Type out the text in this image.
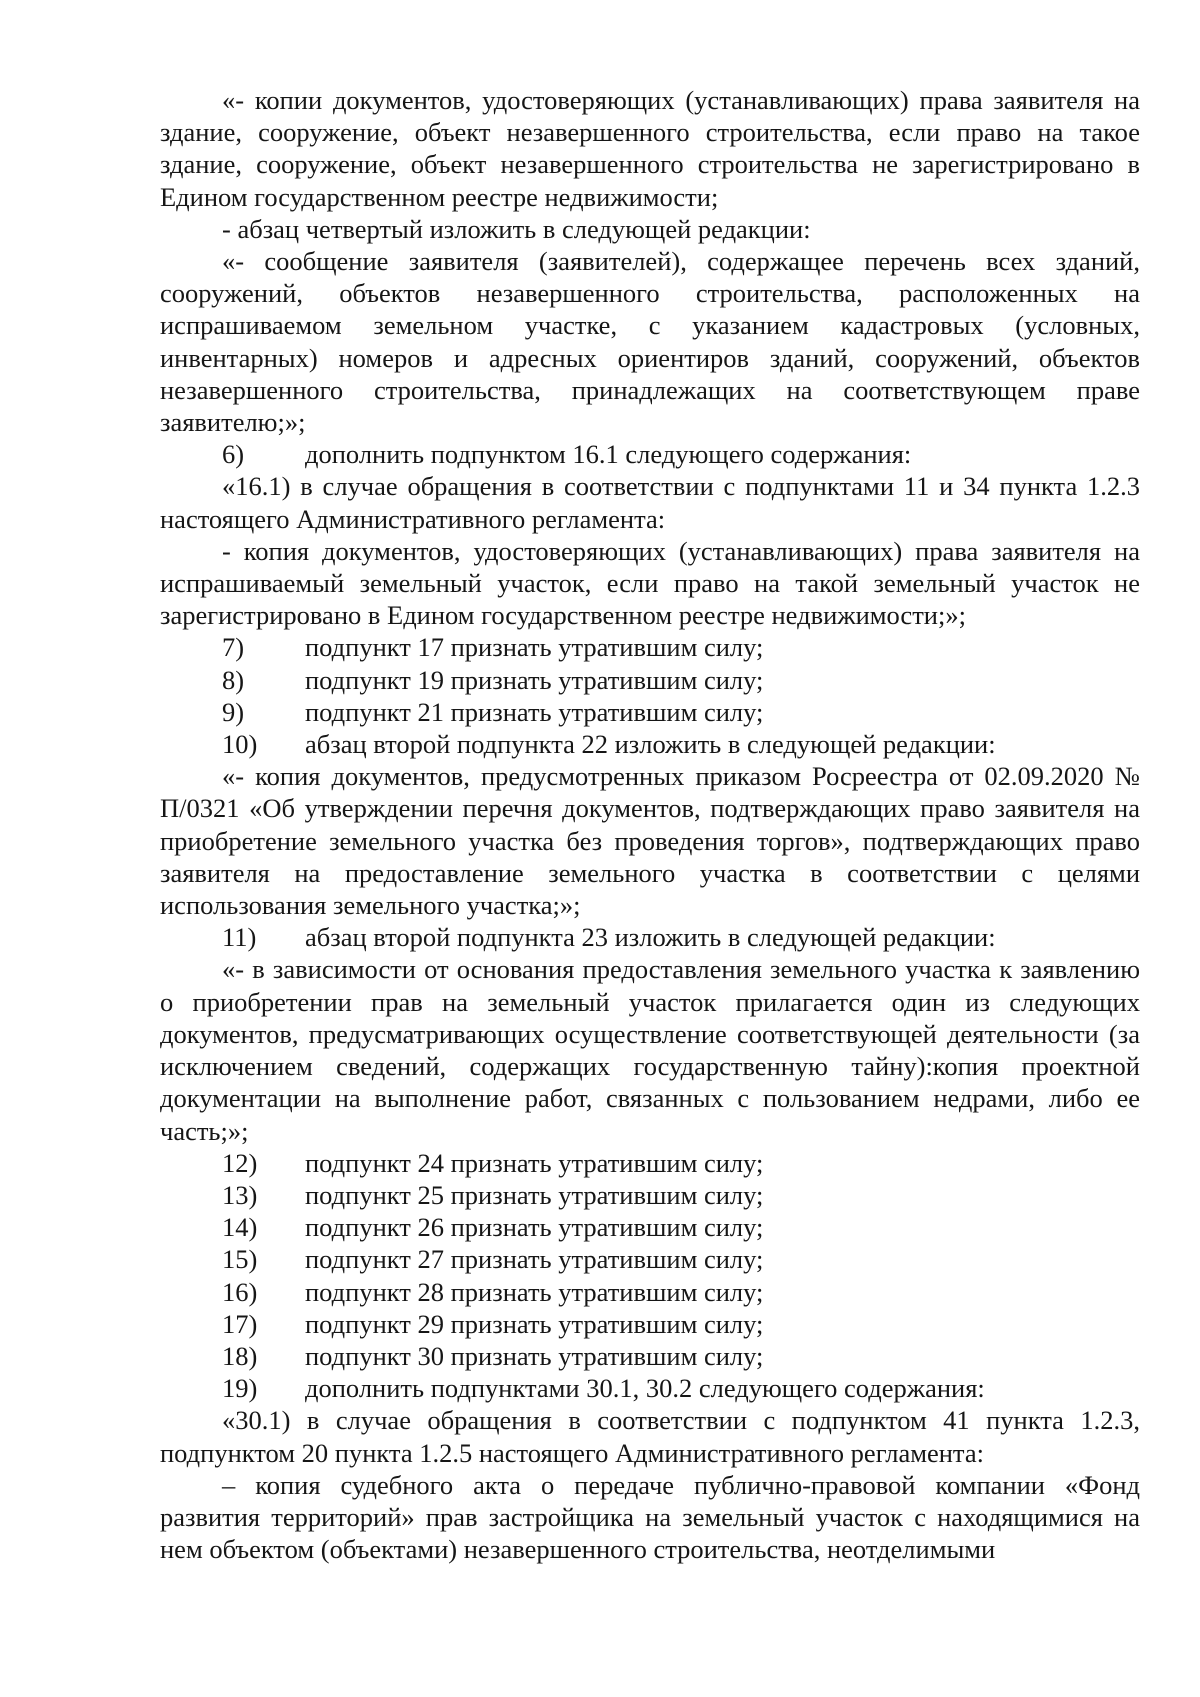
«- копии документов, удостоверяющих (устанавливающих) права заявителя на здание, сооружение, объект незавершенного строительства, если право на такое здание, сооружение, объект незавершенного строительства не зарегистрировано в Едином государственном реестре недвижимости;

- абзац четвертый изложить в следующей редакции:

«- сообщение заявителя (заявителей), содержащее перечень всех зданий, сооружений, объектов незавершенного строительства, расположенных на испрашиваемом земельном участке, с указанием кадастровых (условных, инвентарных) номеров и адресных ориентиров зданий, сооружений, объектов незавершенного строительства, принадлежащих на соответствующем праве заявителю;»;

6)	дополнить подпунктом 16.1 следующего содержания:

«16.1) в случае обращения в соответствии с подпунктами 11 и 34 пункта 1.2.3 настоящего Административного регламента:

- копия документов, удостоверяющих (устанавливающих) права заявителя на испрашиваемый земельный участок, если право на такой земельный участок не зарегистрировано в Едином государственном реестре недвижимости;»;

7)	подпункт 17 признать утратившим силу;
8)	подпункт 19 признать утратившим силу;
9)	подпункт 21 признать утратившим силу;
10)	абзац второй подпункта 22 изложить в следующей редакции:

«- копия документов, предусмотренных приказом Росреестра от 02.09.2020 № П/0321 «Об утверждении перечня документов, подтверждающих право заявителя на приобретение земельного участка без проведения торгов», подтверждающих право заявителя на предоставление земельного участка в соответствии с целями использования земельного участка;»;

11)	абзац второй подпункта 23 изложить в следующей редакции:

«- в зависимости от основания предоставления земельного участка к заявлению о приобретении прав на земельный участок прилагается один из следующих документов, предусматривающих осуществление соответствующей деятельности (за исключением сведений, содержащих государственную тайну):копия проектной документации на выполнение работ, связанных с пользованием недрами, либо ее часть;»;

12)	подпункт 24 признать утратившим силу;
13)	подпункт 25 признать утратившим силу;
14)	подпункт 26 признать утратившим силу;
15)	подпункт 27 признать утратившим силу;
16)	подпункт 28 признать утратившим силу;
17)	подпункт 29 признать утратившим силу;
18)	подпункт 30 признать утратившим силу;
19)	дополнить подпунктами 30.1, 30.2 следующего содержания:

«30.1) в случае обращения в соответствии с подпунктом 41 пункта 1.2.3, подпунктом 20 пункта 1.2.5 настоящего Административного регламента:

– копия судебного акта о передаче публично-правовой компании «Фонд развития территорий» прав застройщика на земельный участок с находящимися на нем объектом (объектами) незавершенного строительства, неотделимыми
